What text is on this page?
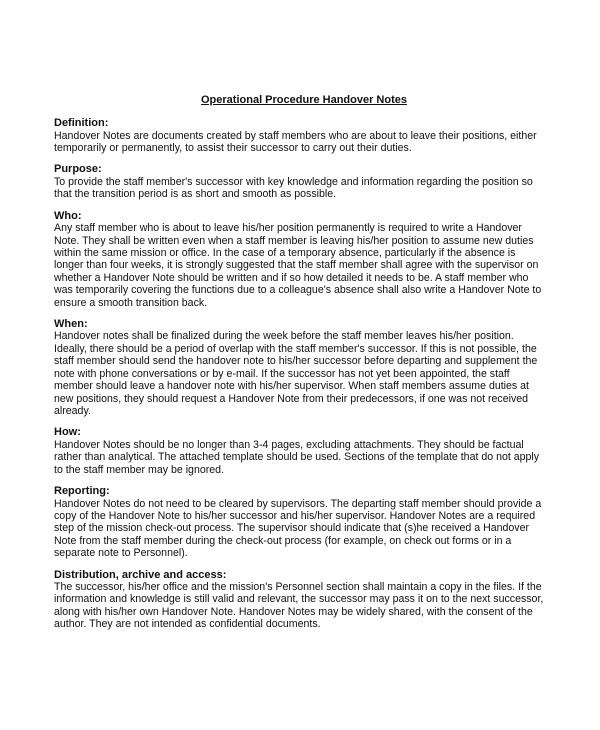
Operational Procedure Handover Notes
Definition:
Handover Notes are documents created by staff members who are about to leave their positions, either
temporarily or permanently, to assist their successor to carry out their duties.
Purpose:
To provide the staff member's successor with key knowledge and information regarding the position so
that the transition period is as short and smooth as possible.
Who:
Any staff member who is about to leave his/her position permanently is required to write a Handover
Note. They shall be written even when a staff member is leaving his/her position to assume new duties
within the same mission or office. In the case of a temporary absence, particularly if the absence is
longer than four weeks, it is strongly suggested that the staff member shall agree with the supervisor on
whether a Handover Note should be written and if so how detailed it needs to be. A staff member who
was temporarily covering the functions due to a colleague's absence shall also write a Handover Note to
ensure a smooth transition back.
When:
Handover notes shall be finalized during the week before the staff member leaves his/her position.
Ideally, there should be a period of overlap with the staff member's successor. If this is not possible, the
staff member should send the handover note to his/her successor before departing and supplement the
note with phone conversations or by e-mail. If the successor has not yet been appointed, the staff
member should leave a handover note with his/her supervisor. When staff members assume duties at
new positions, they should request a Handover Note from their predecessors, if one was not received
already.
How:
Handover Notes should be no longer than 3-4 pages, excluding attachments. They should be factual
rather than analytical. The attached template should be used. Sections of the template that do not apply
to the staff member may be ignored.
Reporting:
Handover Notes do not need to be cleared by supervisors. The departing staff member should provide a
copy of the Handover Note to his/her successor and his/her supervisor. Handover Notes are a required
step of the mission check-out process. The supervisor should indicate that (s)he received a Handover
Note from the staff member during the check-out process (for example, on check out forms or in a
separate note to Personnel).
Distribution, archive and access:
The successor, his/her office and the mission's Personnel section shall maintain a copy in the files. If the
information and knowledge is still valid and relevant, the successor may pass it on to the next successor,
along with his/her own Handover Note. Handover Notes may be widely shared, with the consent of the
author. They are not intended as confidential documents.
